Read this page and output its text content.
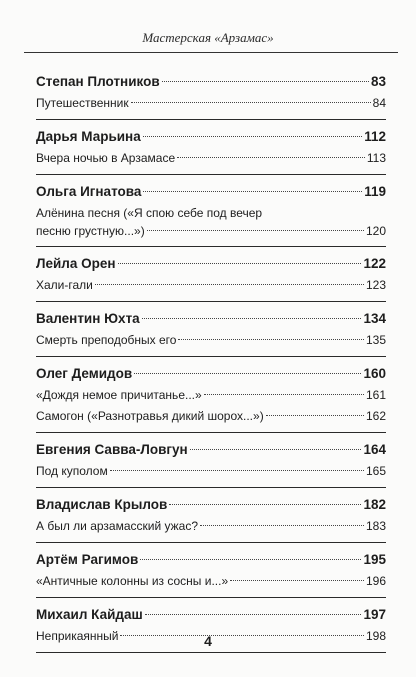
Мастерская «Арзамас»
Степан Плотников	83
Путешественник	84
Дарья Марьина	112
Вчера ночью в Арзамасе	113
Ольга Игнатова	119
Алёнина песня («Я спою себе под вечер
песню грустную...»)	120
Лейла Орен	122
Хали-гали	123
Валентин Юхта	134
Смерть преподобных его	135
Олег Демидов	160
«Дождя немое причитанье...»	161
Самогон («Разнотравья дикий шорох...»)	162
Евгения Савва-Ловгун	164
Под куполом	165
Владислав Крылов	182
А был ли арзамасский ужас?	183
Артём Рагимов	195
«Античные колонны из сосны и...»	196
Михаил Кайдаш	197
Неприкаянный	198
4
